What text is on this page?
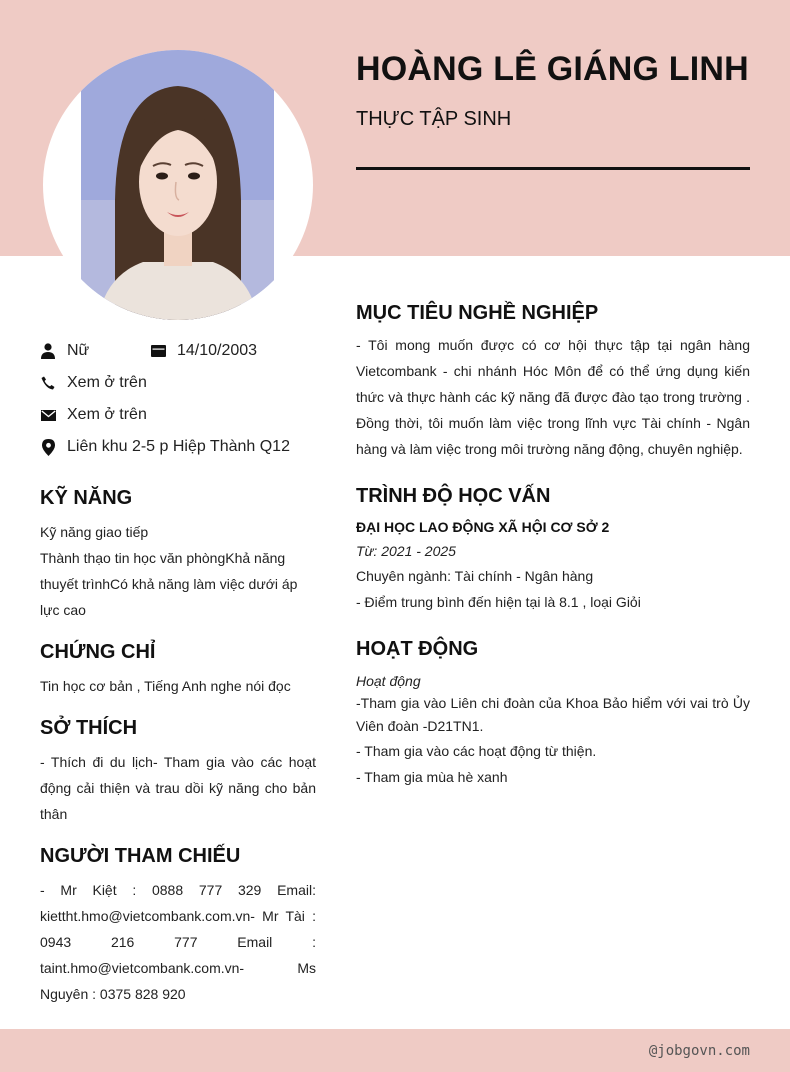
HOÀNG LÊ GIÁNG LINH
THỰC TẬP SINH
Nữ	14/10/2003
Xem ở trên
Xem ở trên
Liên khu 2-5 p Hiệp Thành Q12
KỸ NĂNG
Kỹ năng giao tiếp
Thành thạo tin học văn phòngKhả năng thuyết trìnhCó khả năng làm việc dưới áp lực cao
CHỨNG CHỈ
Tin học cơ bản , Tiếng Anh nghe nói đọc
SỞ THÍCH
- Thích đi du lịch- Tham gia vào các hoạt động cải thiện và trau dồi kỹ năng cho bản thân
NGƯỜI THAM CHIẾU
- Mr Kiệt : 0888 777 329 Email: kiettht.hmo@vietcombank.com.vn- Mr Tài : 0943 216 777 Email : taint.hmo@vietcombank.com.vn- Ms Nguyên : 0375 828 920
MỤC TIÊU NGHỀ NGHIỆP
- Tôi mong muốn được có cơ hội thực tập tại ngân hàng Vietcombank - chi nhánh Hóc Môn để có thể ứng dụng kiến thức và thực hành các kỹ năng đã được đào tạo trong trường . Đồng thời, tôi muốn làm việc trong lĩnh vực Tài chính - Ngân hàng và làm việc trong môi trường năng động, chuyên nghiệp.
TRÌNH ĐỘ HỌC VẤN
ĐẠI HỌC LAO ĐỘNG XÃ HỘI CƠ SỞ 2
Từ: 2021 - 2025
Chuyên ngành: Tài chính - Ngân hàng
- Điểm trung bình đến hiện tại là 8.1 , loại Giỏi
HOẠT ĐỘNG
Hoạt động
-Tham gia vào Liên chi đoàn của Khoa Bảo hiểm với vai trò Ủy Viên đoàn -D21TN1.
- Tham gia vào các hoạt động từ thiện.
- Tham gia mùa hè xanh
@jobgovn.com
